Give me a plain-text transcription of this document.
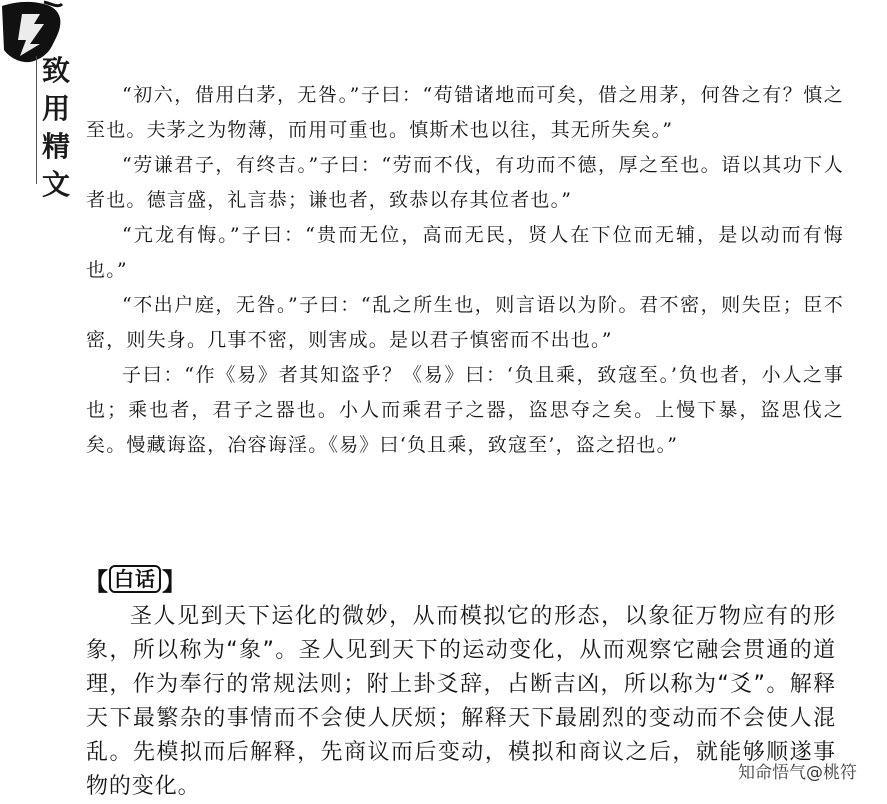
致
用
精
文

“初六，借用白茅，无咎。”子曰：“苟错诸地而可矣，借之用茅，何咎之有？慎之至也。夫茅之为物薄，而用可重也。慎斯术也以往，其无所失矣。”

“劳谦君子，有终吉。”子曰：“劳而不伐，有功而不德，厚之至也。语以其功下人者也。德言盛，礼言恭；谦也者，致恭以存其位者也。”

“亢龙有悔。”子曰：“贵而无位，高而无民，贤人在下位而无辅，是以动而有悔也。”

“不出户庭，无咎。”子曰：“乱之所生也，则言语以为阶。君不密，则失臣；臣不密，则失身。几事不密，则害成。是以君子慎密而不出也。”

子曰：“作《易》者其知盗乎？《易》曰：‘负且乘，致寇至。’负也者，小人之事也；乘也者，君子之器也。小人而乘君子之器，盗思夺之矣。上慢下暴，盗思伐之矣。慢藏诲盗，冶容诲淫。《易》曰‘负且乘，致寇至’，盗之招也。”

【 白话 】

圣人见到天下运化的微妙，从而模拟它的形态，以象征万物应有的形象，所以称为“象”。圣人见到天下的运动变化，从而观察它融会贯通的道理，作为奉行的常规法则；附上卦爻辞，占断吉凶，所以称为“爻”。解释天下最繁杂的事情而不会使人厌烦；解释天下最剧烈的变动而不会使人混乱。先模拟而后解释，先商议而后变动，模拟和商议之后，就能够顺遂事物的变化。

知命悟气@桃符
